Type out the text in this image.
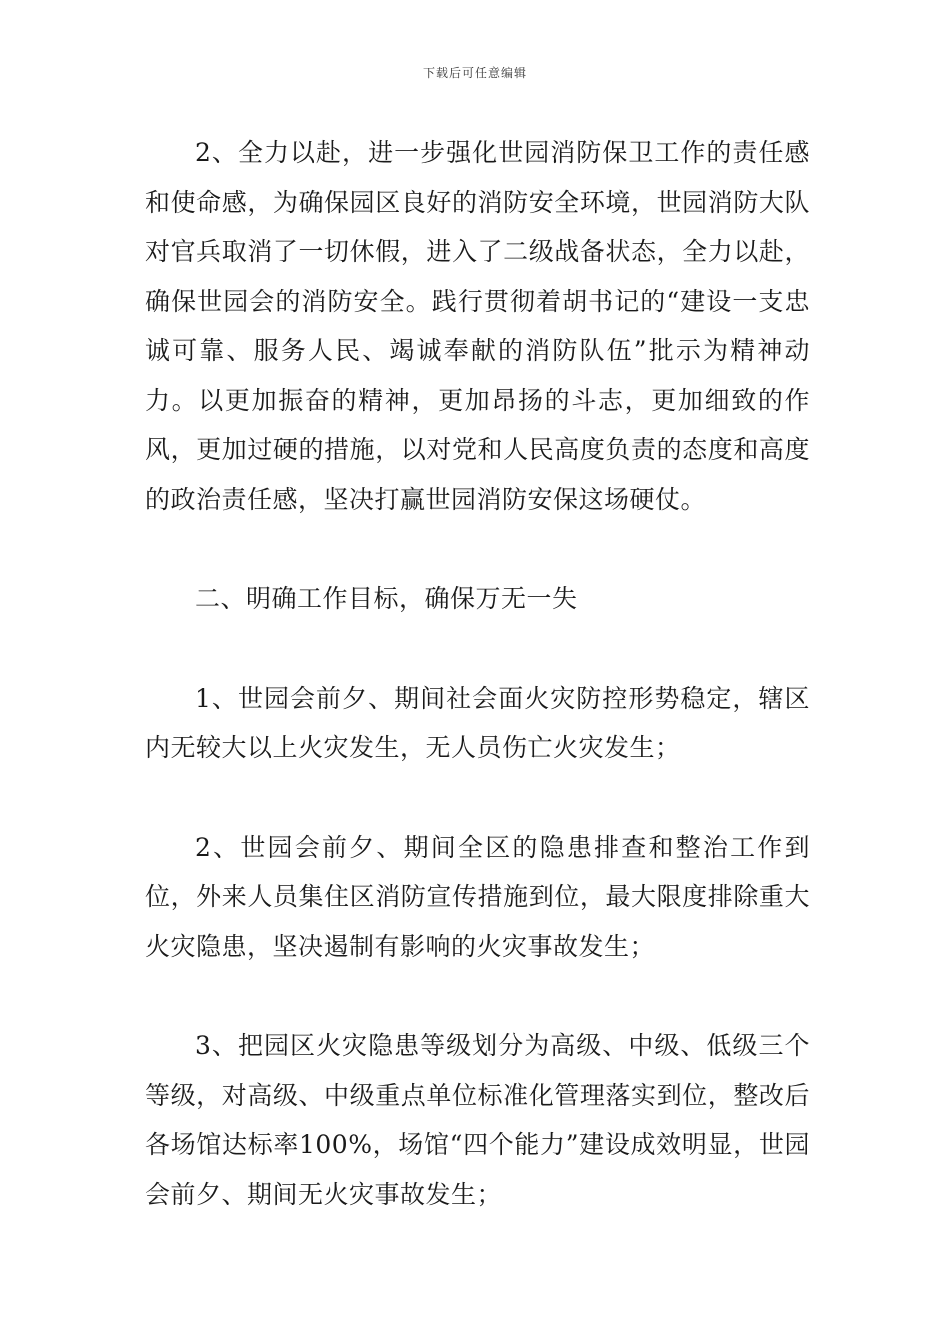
下载后可任意编辑

2、全力以赴，进一步强化世园消防保卫工作的责任感和使命感，为确保园区良好的消防安全环境，世园消防大队对官兵取消了一切休假，进入了二级战备状态，全力以赴，确保世园会的消防安全。践行贯彻着胡书记的“建设一支忠诚可靠、服务人民、竭诚奉献的消防队伍”批示为精神动力。以更加振奋的精神，更加昂扬的斗志，更加细致的作风，更加过硬的措施，以对党和人民高度负责的态度和高度的政治责任感，坚决打赢世园消防安保这场硬仗。

二、明确工作目标，确保万无一失

1、世园会前夕、期间社会面火灾防控形势稳定，辖区内无较大以上火灾发生，无人员伤亡火灾发生；

2、世园会前夕、期间全区的隐患排查和整治工作到位，外来人员集住区消防宣传措施到位，最大限度排除重大火灾隐患，坚决遏制有影响的火灾事故发生；

3、把园区火灾隐患等级划分为高级、中级、低级三个等级，对高级、中级重点单位标准化管理落实到位，整改后各场馆达标率100%，场馆“四个能力”建设成效明显，世园会前夕、期间无火灾事故发生；
